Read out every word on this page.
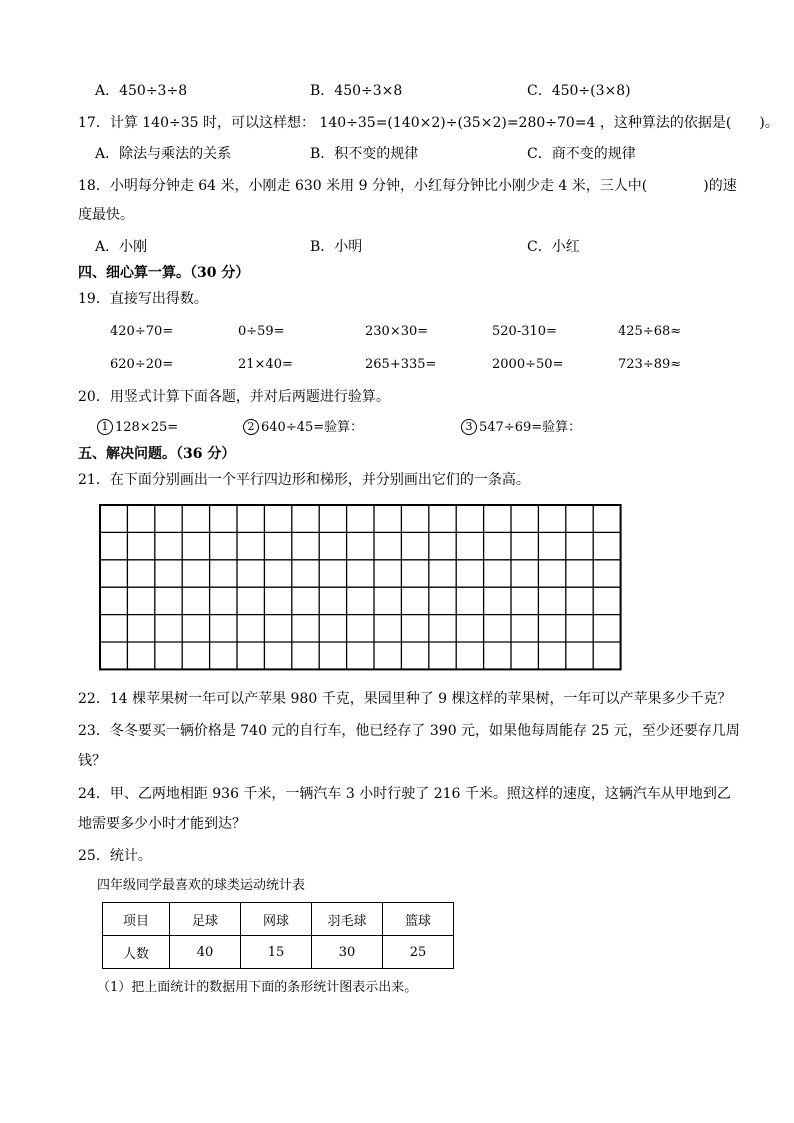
A．450÷3÷8	B．450÷3×8	C．450÷(3×8)
17．计算 140÷35 时，可以这样想： 140÷35=(140×2)÷(35×2)=280÷70=4 ，这种算法的依据是(　　)。
A．除法与乘法的关系	B．积不变的规律	C．商不变的规律
18．小明每分钟走 64 米，小刚走 630 米用 9 分钟，小红每分钟比小刚少走 4 米，三人中(　　　　)的速
度最快。
A．小刚	B．小明	C．小红
四、细心算一算。（30 分）
19．直接写出得数。
420÷70=	0÷59=	230×30=	520-310=	425÷68≈
620÷20=	21×40=	265+335=	2000÷50=	723÷89≈
20．用竖式计算下面各题，并对后两题进行验算。
1 128×25=	2 640÷45=验算：	3 547÷69=验算：
五、解决问题。（36 分）
21．在下面分别画出一个平行四边形和梯形，并分别画出它们的一条高。
22．14 棵苹果树一年可以产苹果 980 千克，果园里种了 9 棵这样的苹果树，一年可以产苹果多少千克？
23．冬冬要买一辆价格是 740 元的自行车，他已经存了 390 元，如果他每周能存 25 元，至少还要存几周
钱？
24．甲、乙两地相距 936 千米，一辆汽车 3 小时行驶了 216 千米。照这样的速度，这辆汽车从甲地到乙
地需要多少小时才能到达？
25．统计。
四年级同学最喜欢的球类运动统计表
项目	足球	网球	羽毛球	篮球
人数	40	15	30	25
（1）把上面统计的数据用下面的条形统计图表示出来。
